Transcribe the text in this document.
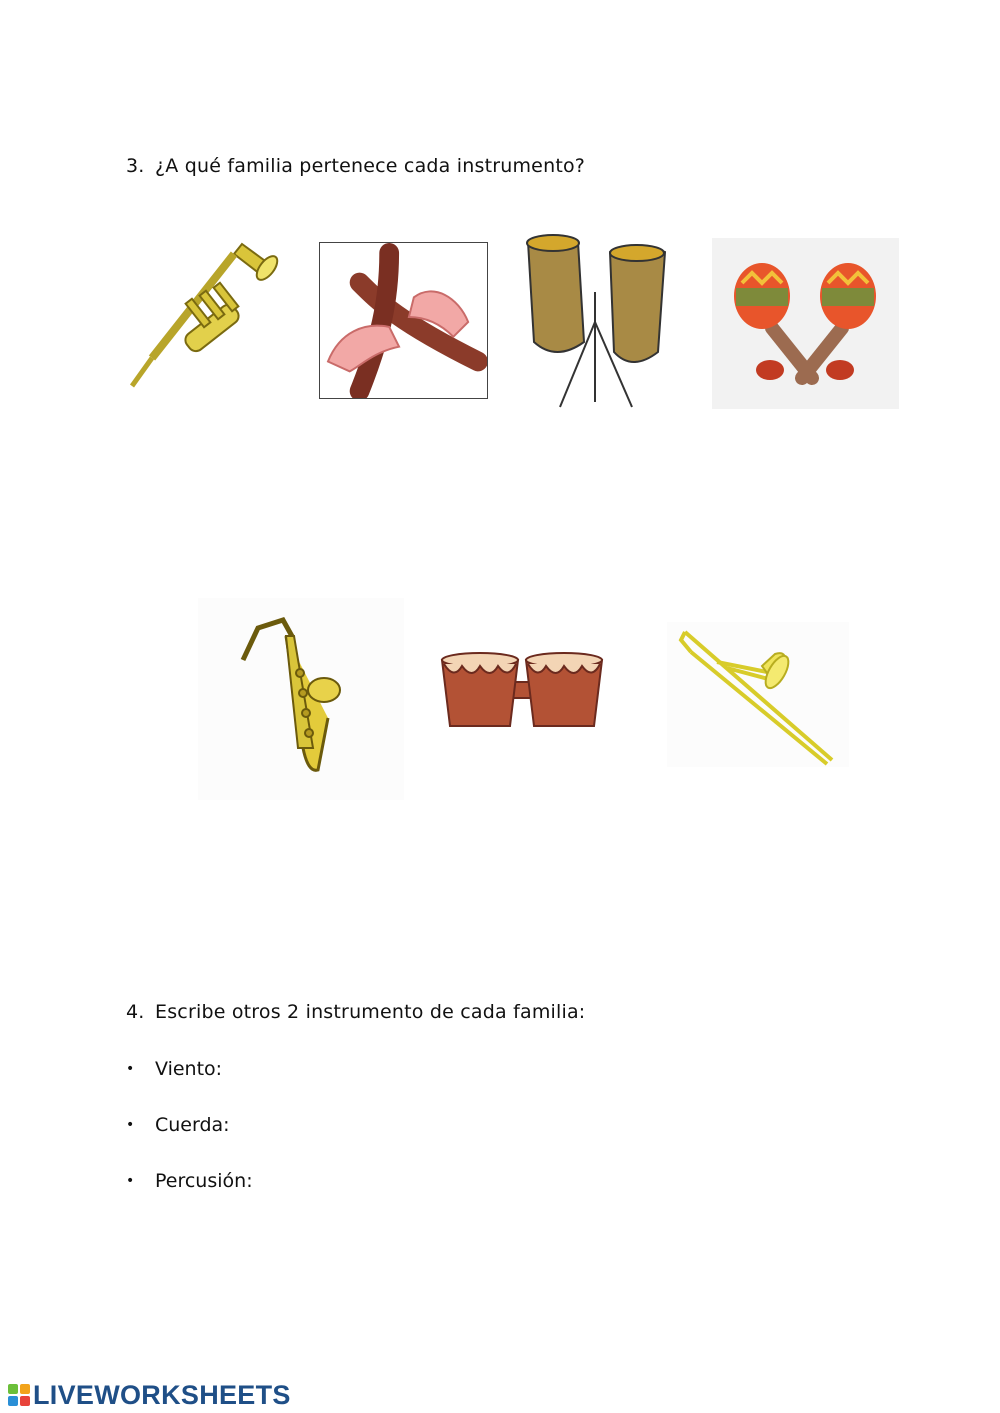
3. ¿A qué familia pertenece cada instrumento?
4. Escribe otros 2 instrumento de cada familia:
• Viento:
• Cuerda:
• Percusión:
LIVEWORKSHEETS
